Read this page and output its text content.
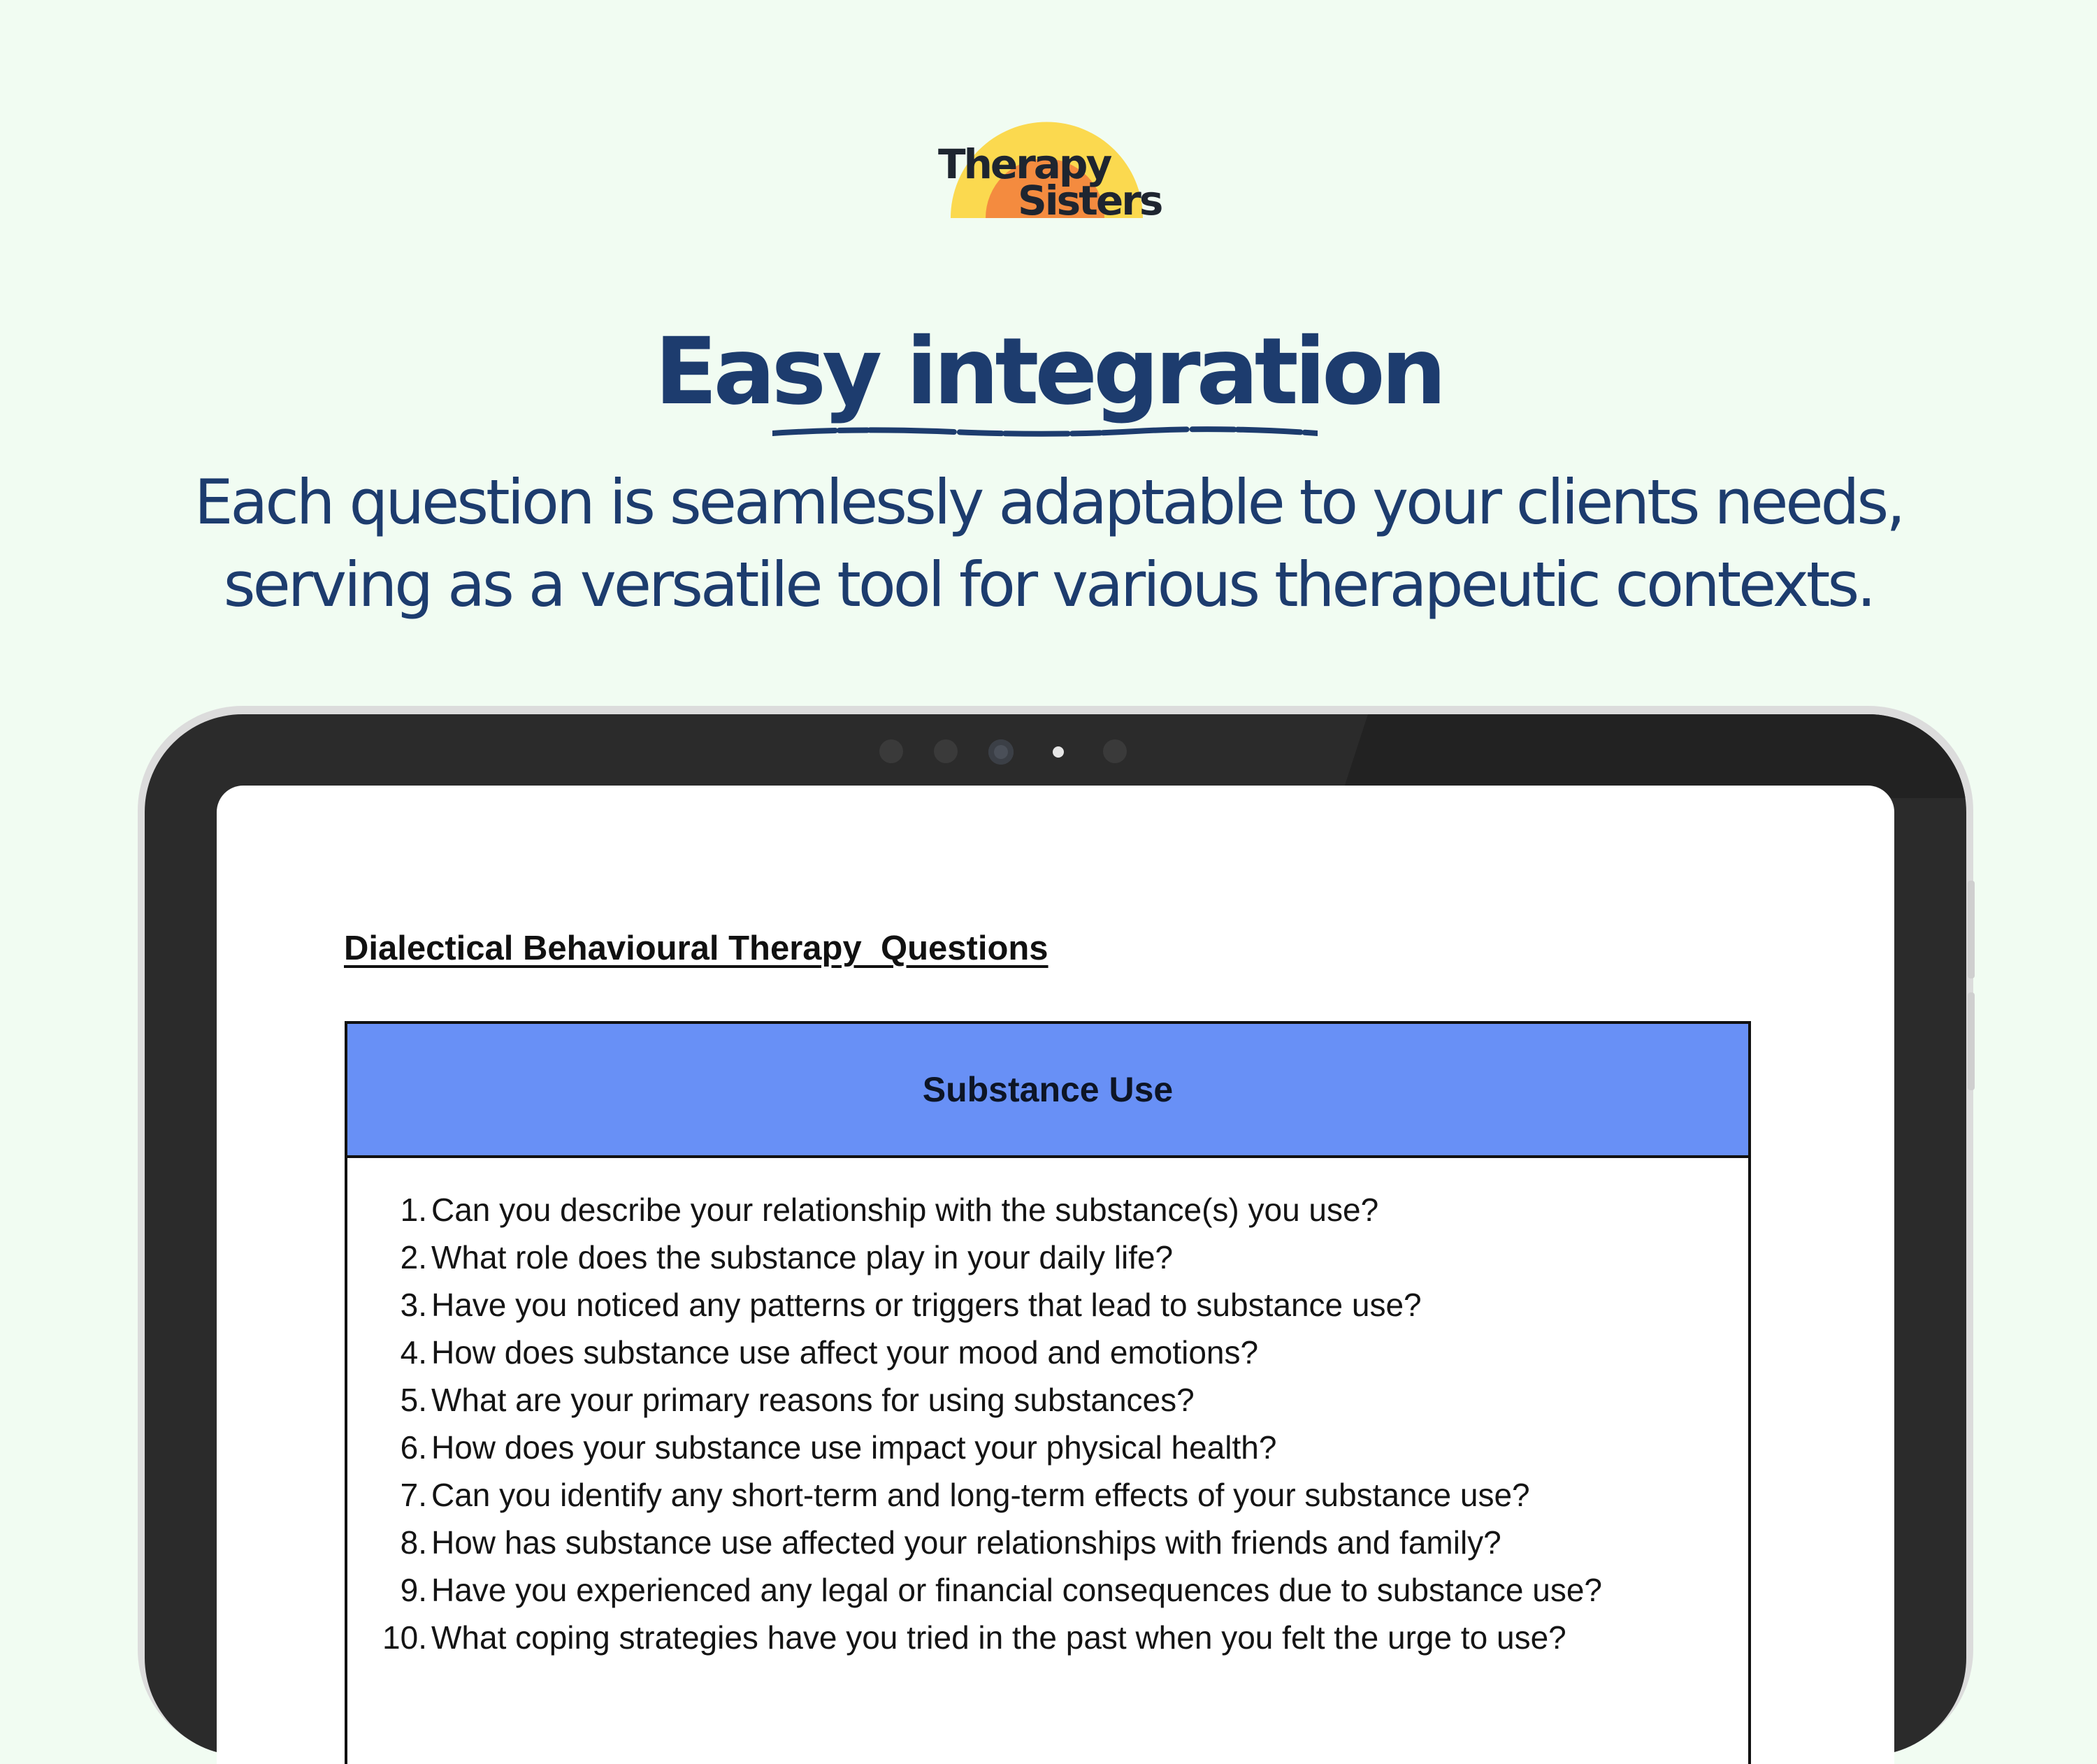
Therapy
Sisters
Easy integration
Each question is seamlessly adaptable to your clients needs,
serving as a versatile tool for various therapeutic contexts.
Dialectical Behavioural Therapy  Questions
Substance Use
1. Can you describe your relationship with the substance(s) you use?
2. What role does the substance play in your daily life?
3. Have you noticed any patterns or triggers that lead to substance use?
4. How does substance use affect your mood and emotions?
5. What are your primary reasons for using substances?
6. How does your substance use impact your physical health?
7. Can you identify any short-term and long-term effects of your substance use?
8. How has substance use affected your relationships with friends and family?
9. Have you experienced any legal or financial consequences due to substance use?
10. What coping strategies have you tried in the past when you felt the urge to use?
